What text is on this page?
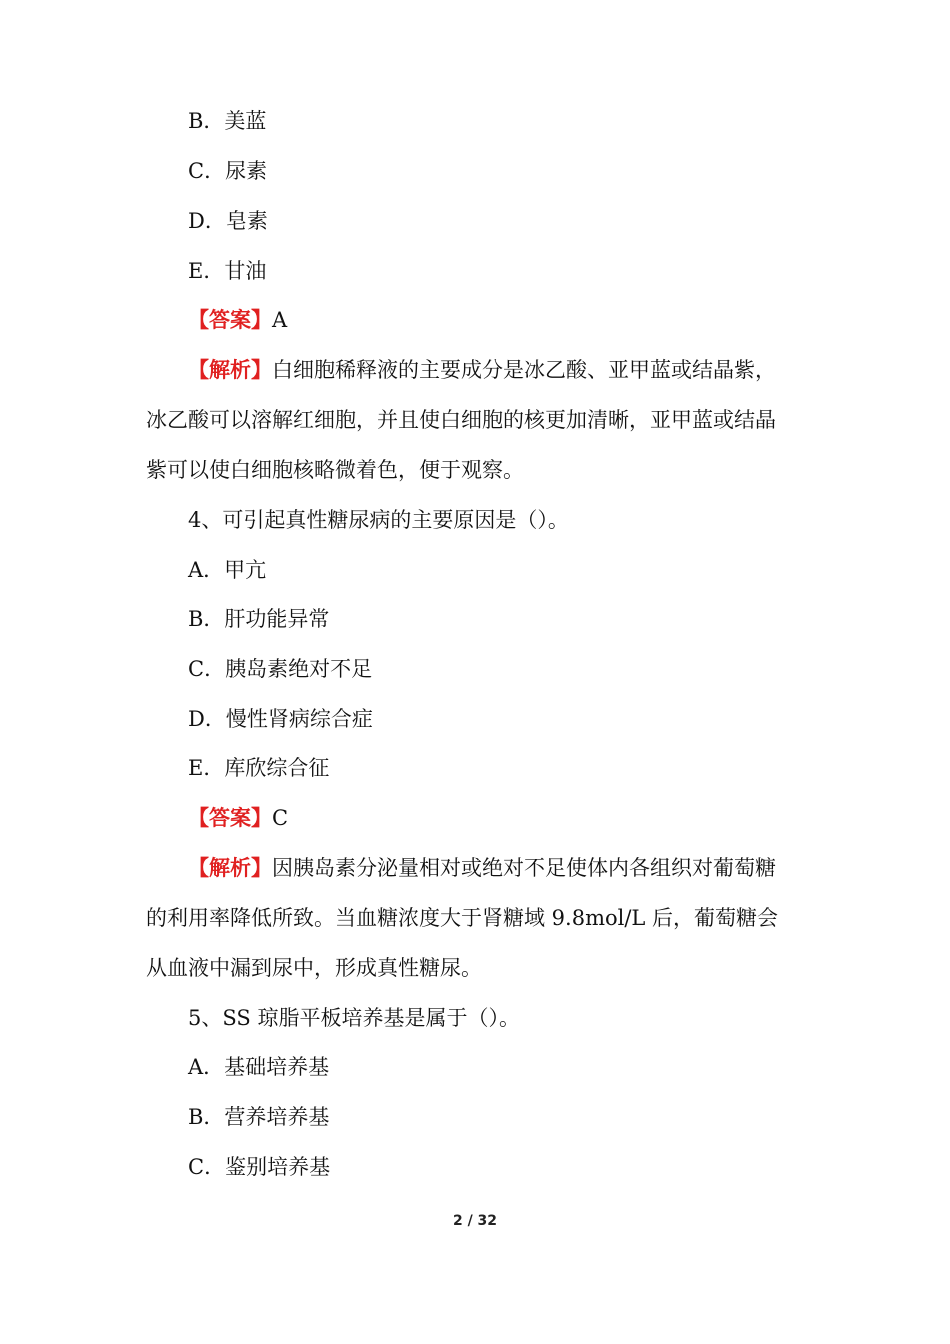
B．美蓝
C．尿素
D．皂素
E．甘油
【答案】A
【解析】白细胞稀释液的主要成分是冰乙酸、亚甲蓝或结晶紫，
冰乙酸可以溶解红细胞，并且使白细胞的核更加清晰，亚甲蓝或结晶
紫可以使白细胞核略微着色，便于观察。
4、可引起真性糖尿病的主要原因是（）。
A．甲亢
B．肝功能异常
C．胰岛素绝对不足
D．慢性肾病综合症
E．库欣综合征
【答案】C
【解析】因胰岛素分泌量相对或绝对不足使体内各组织对葡萄糖
的利用率降低所致。当血糖浓度大于肾糖域 9.8mol/L 后，葡萄糖会
从血液中漏到尿中，形成真性糖尿。
5、SS 琼脂平板培养基是属于（）。
A．基础培养基
B．营养培养基
C．鉴别培养基
2 / 32
